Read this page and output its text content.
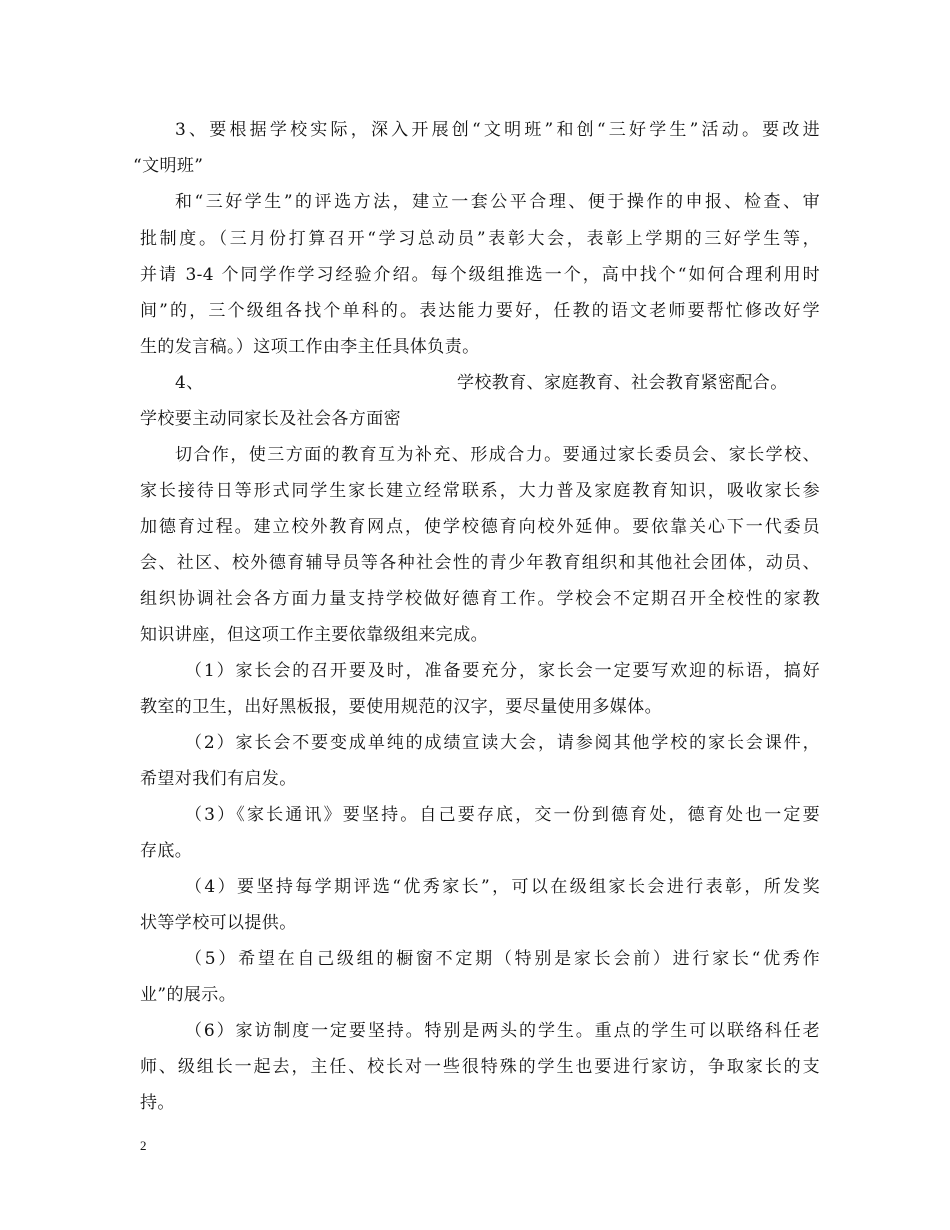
3、要根据学校实际，深入开展创“文明班”和创“三好学生”活动。要改进
“文明班”
和“三好学生”的评选方法，建立一套公平合理、便于操作的申报、检查、审
批制度。（三月份打算召开“学习总动员”表彰大会，表彰上学期的三好学生等，
并请 3-4 个同学作学习经验介绍。每个级组推选一个，高中找个“如何合理利用时
间”的，三个级组各找个单科的。表达能力要好，任教的语文老师要帮忙修改好学
生的发言稿。）这项工作由李主任具体负责。
4、	学校教育、家庭教育、社会教育紧密配合。
学校要主动同家长及社会各方面密
切合作，使三方面的教育互为补充、形成合力。要通过家长委员会、家长学校、
家长接待日等形式同学生家长建立经常联系，大力普及家庭教育知识，吸收家长参
加德育过程。建立校外教育网点，使学校德育向校外延伸。要依靠关心下一代委员
会、社区、校外德育辅导员等各种社会性的青少年教育组织和其他社会团体，动员、
组织协调社会各方面力量支持学校做好德育工作。学校会不定期召开全校性的家教
知识讲座，但这项工作主要依靠级组来完成。
（1）家长会的召开要及时，准备要充分，家长会一定要写欢迎的标语，搞好
教室的卫生，出好黑板报，要使用规范的汉字，要尽量使用多媒体。
（2）家长会不要变成单纯的成绩宣读大会，请参阅其他学校的家长会课件，
希望对我们有启发。
（3）《家长通讯》要坚持。自己要存底，交一份到德育处，德育处也一定要
存底。
（4）要坚持每学期评选“优秀家长”，可以在级组家长会进行表彰，所发奖
状等学校可以提供。
（5）希望在自己级组的橱窗不定期（特别是家长会前）进行家长“优秀作
业”的展示。
（6）家访制度一定要坚持。特别是两头的学生。重点的学生可以联络科任老
师、级组长一起去，主任、校长对一些很特殊的学生也要进行家访，争取家长的支
持。
2
